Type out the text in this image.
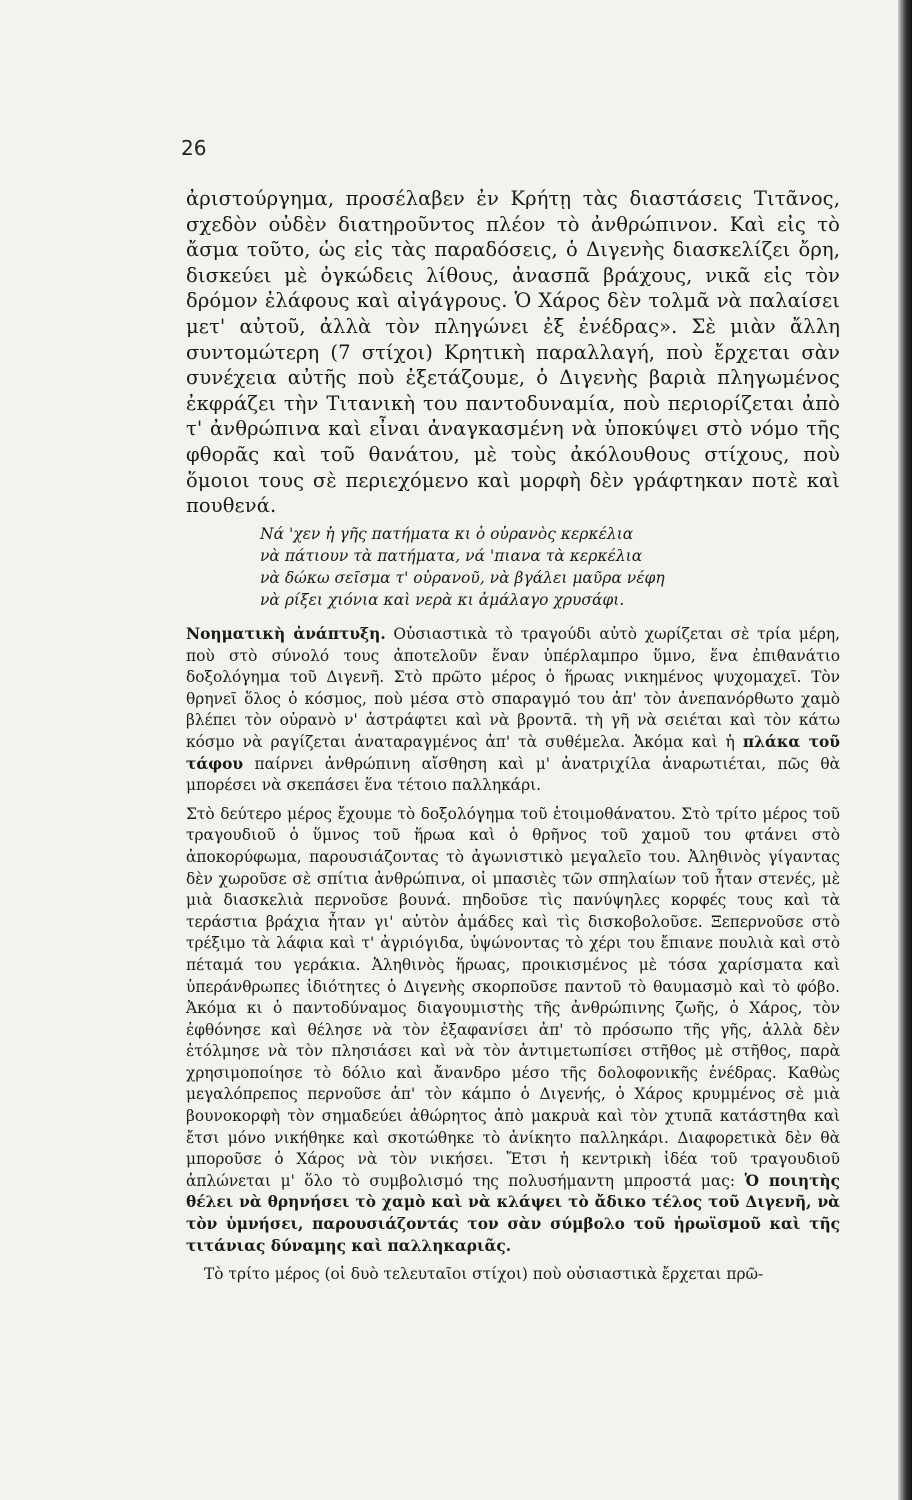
26

ἀριστούργημα, προσέλαβεν ἐν Κρήτῃ τὰς διαστάσεις Τιτᾶνος, σχεδὸν οὐδὲν διατηροῦντος πλέον τὸ ἀνθρώπινον. Καὶ εἰς τὸ ἄσμα τοῦτο, ὡς εἰς τὰς παραδόσεις, ὁ Διγενὴς διασκελίζει ὄρη, δισκεύει μὲ ὀγκώδεις λίθους, ἀνασπᾶ βράχους, νικᾶ εἰς τὸν δρόμον ἐλάφους καὶ αἰγάγρους. Ὁ Χάρος δὲν τολμᾶ νὰ παλαίσει μετ' αὐτοῦ, ἀλλὰ τὸν πληγώνει ἐξ ἐνέδρας». Σὲ μιὰν ἄλλη συντομώτερη (7 στίχοι) Κρητικὴ παραλλαγή, ποὺ ἔρχεται σὰν συνέχεια αὐτῆς ποὺ ἐξετάζουμε, ὁ Διγενὴς βαριὰ πληγωμένος ἐκφράζει τὴν Τιτανικὴ του παντοδυναμία, ποὺ περιορίζεται ἀπὸ τ' ἀνθρώπινα καὶ εἶναι ἀναγκασμένη νὰ ὑποκύψει στὸ νόμο τῆς φθορᾶς καὶ τοῦ θανάτου, μὲ τοὺς ἀκόλουθους στίχους, ποὺ ὅμοιοι τους σὲ περιεχόμενο καὶ μορφὴ δὲν γράφτηκαν ποτὲ καὶ πουθενά.

Νά 'χεν ἡ γῆς πατήματα κι ὁ οὐρανὸς κερκέλια
νὰ πάτιουν τὰ πατήματα, νά 'πιανα τὰ κερκέλια
νὰ δώκω σεῖσμα τ' οὐρανοῦ, νὰ βγάλει μαῦρα νέφη
νὰ ρίξει χιόνια καὶ νερὰ κι ἀμάλαγο χρυσάφι.

Νοηματικὴ ἀνάπτυξη. Οὐσιαστικὰ τὸ τραγούδι αὐτὸ χωρίζεται σὲ τρία μέρη, ποὺ στὸ σύνολό τους ἀποτελοῦν ἕναν ὑπέρλαμπρο ὕμνο, ἕνα ἐπιθανάτιο δοξολόγημα τοῦ Διγενῆ. Στὸ πρῶτο μέρος ὁ ἥρωας νικημένος ψυχομαχεῖ. Τὸν θρηνεῖ ὅλος ὁ κόσμος, ποὺ μέσα στὸ σπαραγμό του ἀπ' τὸν ἀνεπανόρθωτο χαμὸ βλέπει τὸν οὐρανὸ ν' ἀστράφτει καὶ νὰ βροντᾶ. τὴ γῆ νὰ σειέται καὶ τὸν κάτω κόσμο νὰ ραγίζεται ἀναταραγμένος ἀπ' τὰ συθέμελα. Ἀκόμα καὶ ἡ πλάκα τοῦ τάφου παίρνει ἀνθρώπινη αἴσθηση καὶ μ' ἀνατριχίλα ἀναρωτιέται, πῶς θὰ μπορέσει νὰ σκεπάσει ἕνα τέτοιο παλληκάρι.

Στὸ δεύτερο μέρος ἔχουμε τὸ δοξολόγημα τοῦ ἑτοιμοθάνατου. Στὸ τρίτο μέρος τοῦ τραγουδιοῦ ὁ ὕμνος τοῦ ἥρωα καὶ ὁ θρῆνος τοῦ χαμοῦ του φτάνει στὸ ἀποκορύφωμα, παρουσιάζοντας τὸ ἀγωνιστικὸ μεγαλεῖο του. Ἀληθινὸς γίγαντας δὲν χωροῦσε σὲ σπίτια ἀνθρώπινα, οἱ μπασιὲς τῶν σπηλαίων τοῦ ἦταν στενές, μὲ μιὰ διασκελιὰ περνοῦσε βουνά. πηδοῦσε τὶς πανύψηλες κορφές τους καὶ τὰ τεράστια βράχια ἦταν γι' αὐτὸν ἀμάδες καὶ τὶς δισκοβολοῦσε. Ξεπερνοῦσε στὸ τρέξιμο τὰ λάφια καὶ τ' ἀγριόγιδα, ὑψώνοντας τὸ χέρι του ἔπιανε πουλιὰ καὶ στὸ πέταμά του γεράκια. Ἀληθινὸς ἥρωας, προικισμένος μὲ τόσα χαρίσματα καὶ ὑπεράνθρωπες ἰδιότητες ὁ Διγενὴς σκορποῦσε παντοῦ τὸ θαυμασμὸ καὶ τὸ φόβο. Ἀκόμα κι ὁ παντοδύναμος διαγουμιστὴς τῆς ἀνθρώπινης ζωῆς, ὁ Χάρος, τὸν ἐφθόνησε καὶ θέλησε νὰ τὸν ἐξαφανίσει ἀπ' τὸ πρόσωπο τῆς γῆς, ἀλλὰ δὲν ἐτόλμησε νὰ τὸν πλησιάσει καὶ νὰ τὸν ἀντιμετωπίσει στῆθος μὲ στῆθος, παρὰ χρησιμοποίησε τὸ δόλιο καὶ ἄνανδρο μέσο τῆς δολοφονικῆς ἐνέδρας. Καθὼς μεγαλόπρεπος περνοῦσε ἀπ' τὸν κάμπο ὁ Διγενής, ὁ Χάρος κρυμμένος σὲ μιὰ βουνοκορφὴ τὸν σημαδεύει ἀθώρητος ἀπὸ μακρυὰ καὶ τὸν χτυπᾶ κατάστηθα καὶ ἔτσι μόνο νικήθηκε καὶ σκοτώθηκε τὸ ἀνίκητο παλληκάρι. Διαφορετικὰ δὲν θὰ μποροῦσε ὁ Χάρος νὰ τὸν νικήσει. Ἔτσι ἡ κεντρικὴ ἰδέα τοῦ τραγουδιοῦ ἁπλώνεται μ' ὅλο τὸ συμβολισμό της πολυσήμαντη μπροστά μας: Ὁ ποιητὴς θέλει νὰ θρηνήσει τὸ χαμὸ καὶ νὰ κλάψει τὸ ἄδικο τέλος τοῦ Διγενῆ, νὰ τὸν ὑμνήσει, παρουσιάζοντάς τον σὰν σύμβολο τοῦ ἡρωϊσμοῦ καὶ τῆς τιτάνιας δύναμης καὶ παλληκαριᾶς.

Τὸ τρίτο μέρος (οἱ δυὸ τελευταῖοι στίχοι) ποὺ οὐσιαστικὰ ἔρχεται πρῶ-
